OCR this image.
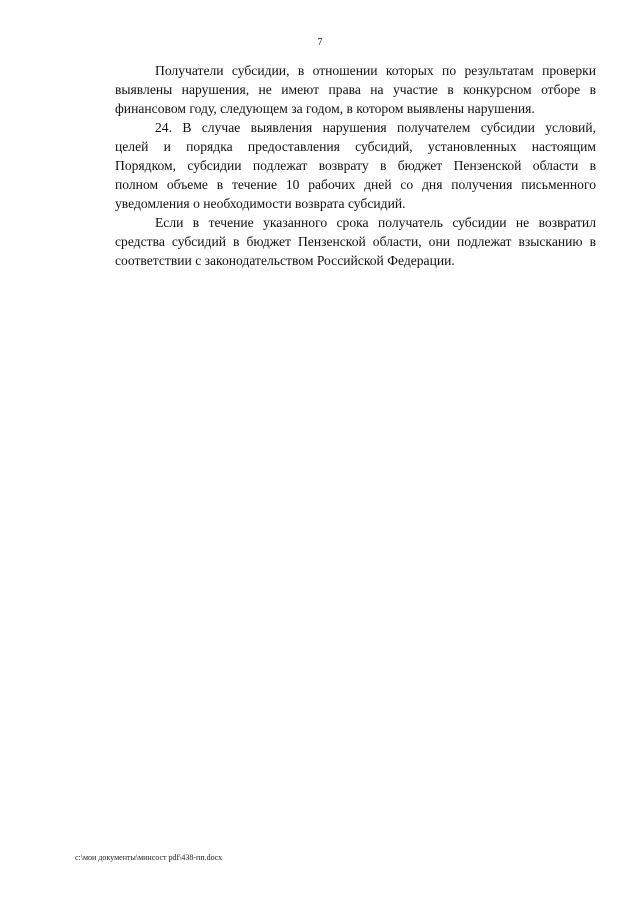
7

Получатели субсидии, в отношении которых по результатам проверки
выявлены нарушения, не имеют права на участие в конкурсном отборе в
финансовом году, следующем за годом, в котором выявлены нарушения.

24. В случае выявления нарушения получателем субсидии условий,
целей и порядка предоставления субсидий, установленных настоящим
Порядком, субсидии подлежат возврату в бюджет Пензенской области в
полном объеме в течение 10 рабочих дней со дня получения письменного
уведомления о необходимости возврата субсидий.

Если в течение указанного срока получатель субсидии не возвратил
средства субсидий в бюджет Пензенской области, они подлежат взысканию в
соответствии с законодательством Российской Федерации.

c:\мои документы\минсост pdf\438-пп.docx
